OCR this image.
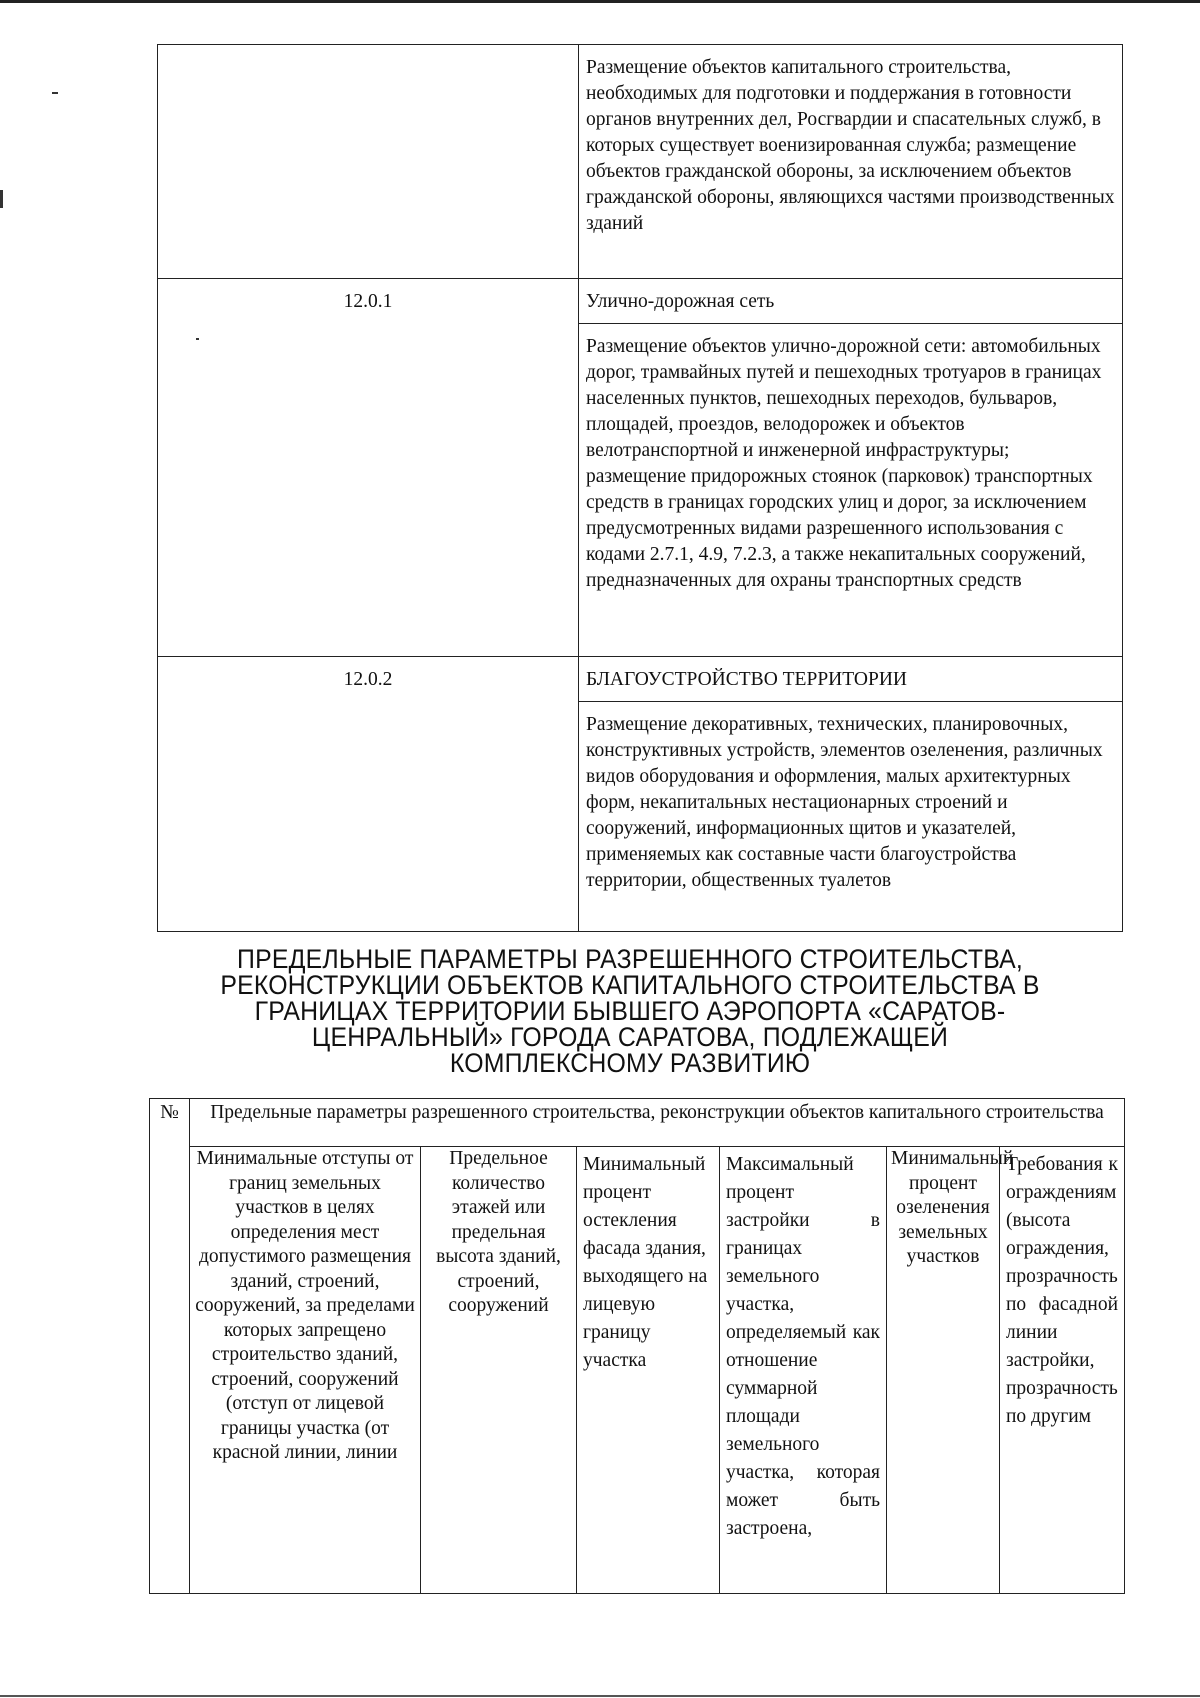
	Размещение объектов капитального строительства, необходимых для подготовки и поддержания в готовности органов внутренних дел, Росгвардии и спасательных служб, в которых существует военизированная служба; размещение объектов гражданской обороны, за исключением объектов гражданской обороны, являющихся частями производственных зданий
12.0.1	Улично-дорожная сеть
	Размещение объектов улично-дорожной сети: автомобильных дорог, трамвайных путей и пешеходных тротуаров в границах населенных пунктов, пешеходных переходов, бульваров, площадей, проездов, велодорожек и объектов велотранспортной и инженерной инфраструктуры;
размещение придорожных стоянок (парковок) транспортных средств в границах городских улиц и дорог, за исключением предусмотренных видами разрешенного использования с кодами 2.7.1, 4.9, 7.2.3, а также некапитальных сооружений, предназначенных для охраны транспортных средств
12.0.2	БЛАГОУСТРОЙСТВО ТЕРРИТОРИИ
	Размещение декоративных, технических, планировочных, конструктивных устройств, элементов озеленения, различных видов оборудования и оформления, малых архитектурных форм, некапитальных нестационарных строений и сооружений, информационных щитов и указателей, применяемых как составные части благоустройства территории, общественных туалетов
ПРЕДЕЛЬНЫЕ ПАРАМЕТРЫ РАЗРЕШЕННОГО СТРОИТЕЛЬСТВА,
РЕКОНСТРУКЦИИ ОБЪЕКТОВ КАПИТАЛЬНОГО СТРОИТЕЛЬСТВА В
ГРАНИЦАХ ТЕРРИТОРИИ БЫВШЕГО АЭРОПОРТА «САРАТОВ-
ЦЕНРАЛЬНЫЙ» ГОРОДА САРАТОВА, ПОДЛЕЖАЩЕЙ
КОМПЛЕКСНОМУ РАЗВИТИЮ
№	Предельные параметры разрешенного строительства, реконструкции объектов капитального строительства					

	Минимальные отступы от границ земельных участков в целях определения мест допустимого размещения зданий, строений, сооружений, за пределами которых запрещено строительство зданий, строений, сооружений (отступ от лицевой границы участка (от красной линии, линии	Предельное количество этажей или предельная высота зданий, строений, сооружений	Минимальный процент остекления фасада здания, выходящего на лицевую границу участка	Максимальный процент застройки в границах земельного участка, определяемый как отношение суммарной площади земельного участка, которая может быть застроена,	Минимальный процент озеленения земельных участков	Требования к ограждениям (высота ограждения, прозрачность по фасадной линии застройки, прозрачность по другим
